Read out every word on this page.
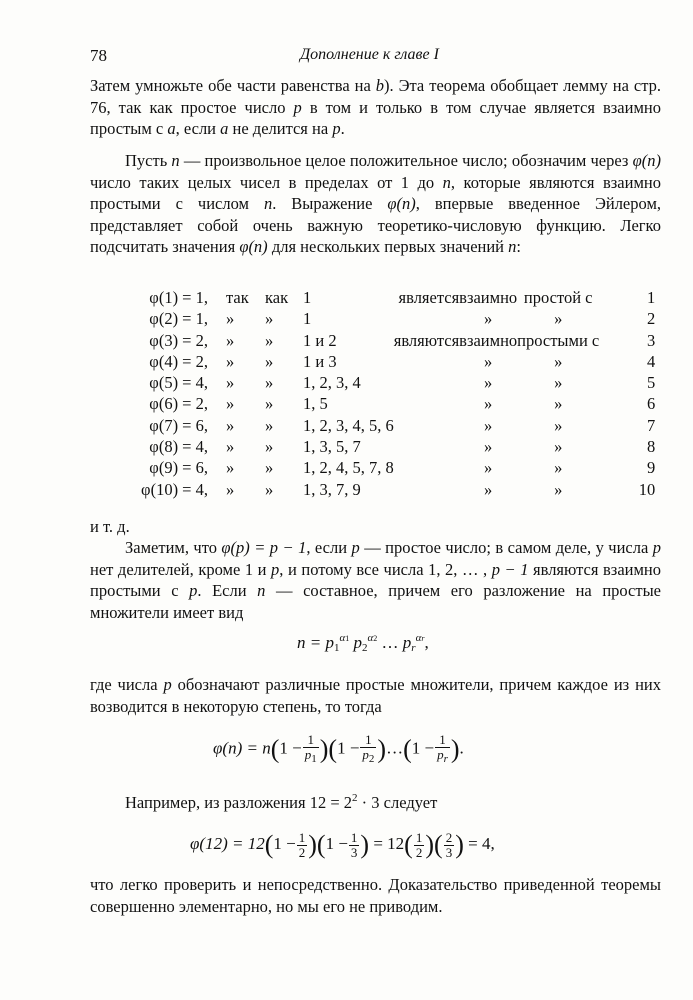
78	Дополнение к главе I

Затем умножьте обе части равенства на b). Эта теорема обобщает лемму на стр. 76, так как простое число p в том и только в том случае является взаимно простым с a, если a не делится на p.

Пусть n — произвольное целое положительное число; обозначим через φ(n) число таких целых чисел в пределах от 1 до n, которые являются взаимно простыми с числом n. Выражение φ(n), впервые введенное Эйлером, представляет собой очень важную теоретико-числовую функцию. Легко подсчитать значения φ(n) для нескольких первых значений n:

φ(1) = 1,	так	как	1	является	взаимно	простой с	1
φ(2) = 1,	»	»	1		»	»	2
φ(3) = 2,	»	»	1 и 2	являются	взаимно	простыми с	3
φ(4) = 2,	»	»	1 и 3		»	»	4
φ(5) = 4,	»	»	1, 2, 3, 4		»	»	5
φ(6) = 2,	»	»	1, 5		»	»	6
φ(7) = 6,	»	»	1, 2, 3, 4, 5, 6		»	»	7
φ(8) = 4,	»	»	1, 3, 5, 7		»	»	8
φ(9) = 6,	»	»	1, 2, 4, 5, 7, 8		»	»	9
φ(10) = 4,	»	»	1, 3, 7, 9		»	»	10
и т. д.

Заметим, что φ(p) = p − 1, если p — простое число; в самом деле, у числа p нет делителей, кроме 1 и p, и потому все числа 1, 2, … , p − 1 являются взаимно простыми с p. Если n — составное, причем его разложение на простые множители имеет вид

$n = p_1^{\alpha 1}$ $p_2^{\alpha 2}$ … $p_r^{\alpha r}$,

где числа p обозначают различные простые множители, причем каждое из них возводится в некоторую степень, то тогда

$\varphi(n) = n(1 - \frac{1}{p_1} )(1 - \frac{1}{p_2}$ )…(1 − $\frac{1}{p_r}$ ).

Например, из разложения $12 = 2^2 \cdot 3$ следует

$\varphi(12) = 12(1 - \frac{1}{2} )(1 - \frac{1}{3}$ ) = $12( \frac{1}{2}$ )( $\frac{2}{3}$ ) = 4,

что легко проверить и непосредственно. Доказательство приведенной теоремы совершенно элементарно, но мы его не приводим.
